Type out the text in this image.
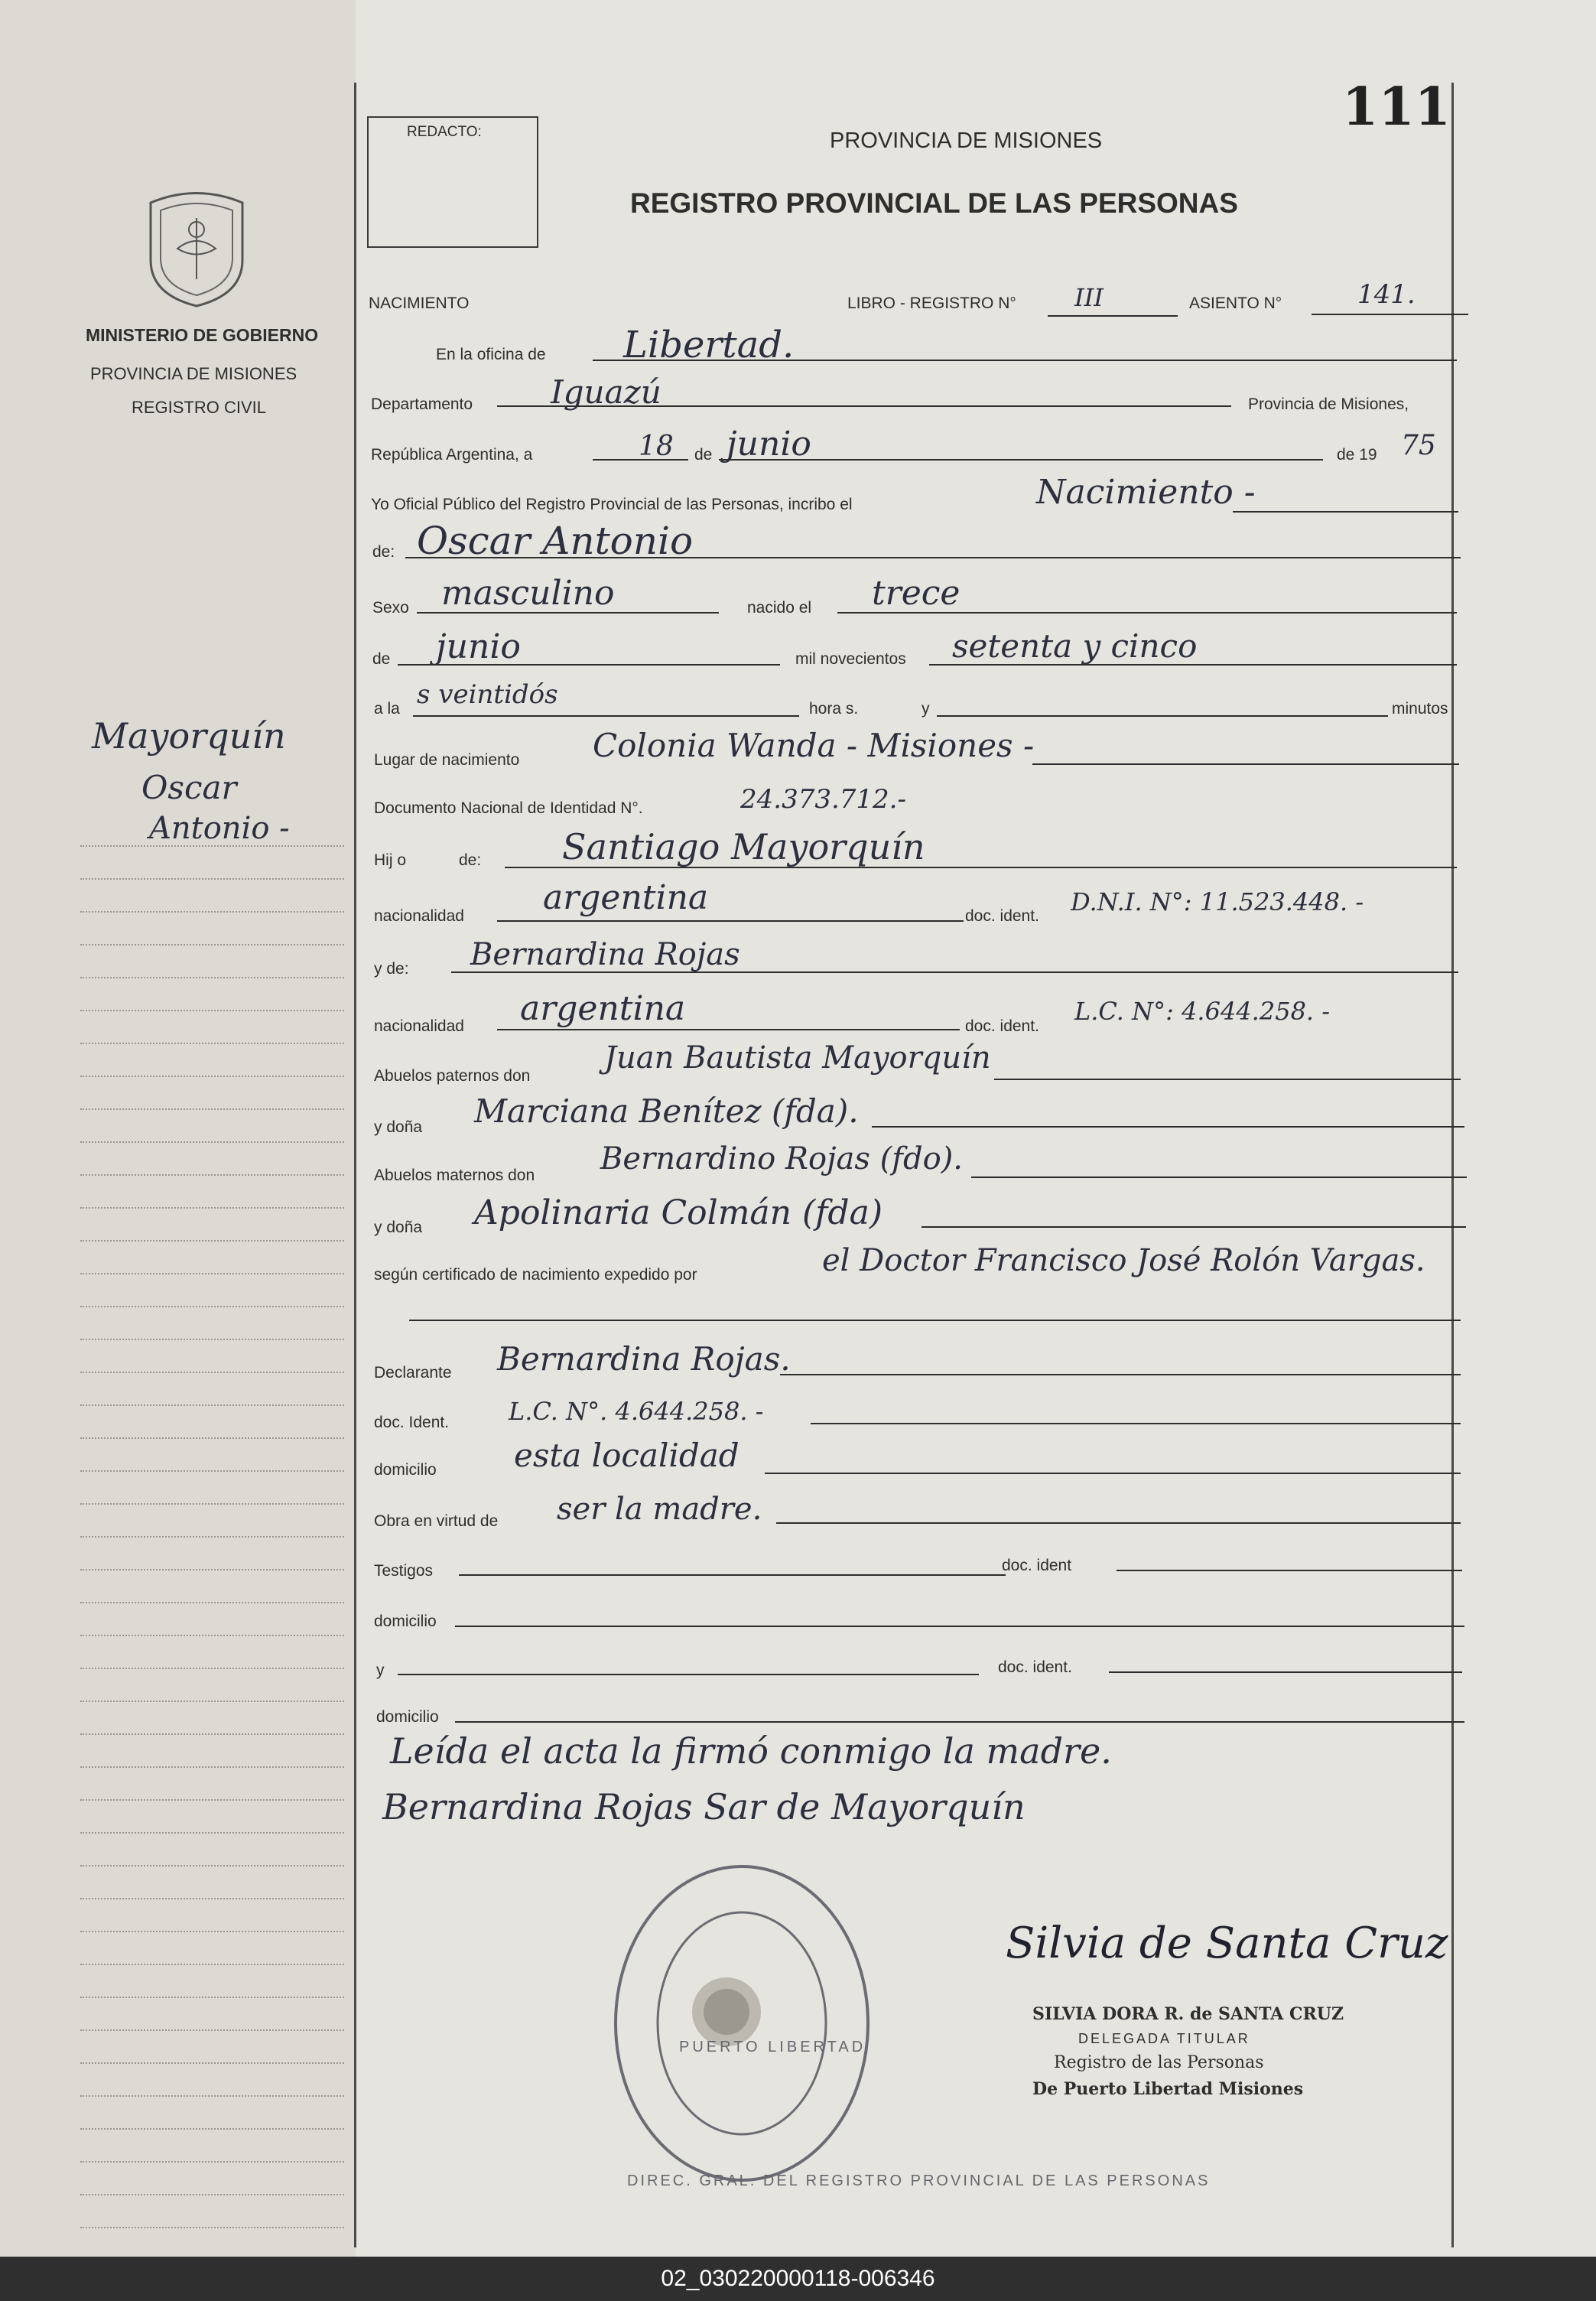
MINISTERIO DE GOBIERNO
PROVINCIA DE MISIONES
REGISTRO CIVIL
Mayorquín
Oscar
Antonio -
REDACTO:	111
PROVINCIA DE MISIONES
REGISTRO PROVINCIAL DE LAS PERSONAS
NACIMIENTO	LIBRO - REGISTRO N° III	ASIENTO N°	141.
En la oficina de Libertad.
Departamento Iguazú	Provincia de Misiones,
República Argentina, a	18 de junio	de 19 75
Yo Oficial Público del Registro Provincial de las Personas, incribo el	Nacimiento -
de: Oscar Antonio
Sexo masculino	nacido el trece
de junio	mil novecientos setenta y cinco
a la s veintidós	hora s.	y	minutos
Lugar de nacimiento Colonia Wanda - Misiones -
Documento Nacional de Identidad N°.	24.373.712.-
Hij o	de: Santiago Mayorquín
nacionalidad argentina	doc. ident. D.N.I. N°: 11.523.448. -
y de: Bernardina Rojas
nacionalidad argentina	doc. ident.
L.C. N°: 4.644.258. -
Abuelos paternos don
Juan Bautista Mayorquín
y doña Marciana Benítez (fda).
Abuelos maternos don Bernardino Rojas (fdo).
y doña Apolinaria Colmán (fda)
según certificado de nacimiento expedido por	el Doctor Francisco José Rolón Vargas.
Declarante Bernardina Rojas.
doc. Ident. L.C. N°. 4.644.258. -
domicilio esta localidad
Obra en virtud de ser la madre.
Testigos	doc. ident
domicilio
y	doc. ident.
domicilio
Leída el acta la firmó conmigo la madre.
Bernardina Rojas Sar de Mayorquín
DIREC. GRAL. DEL REGISTRO PROVINCIAL DE LAS PERSONAS
PUERTO LIBERTAD
Silvia de Santa Cruz
SILVIA DORA R. de SANTA CRUZ
DELEGADA TITULAR
Registro de las Personas
De Puerto Libertad Misiones
02_030220000118-006346
